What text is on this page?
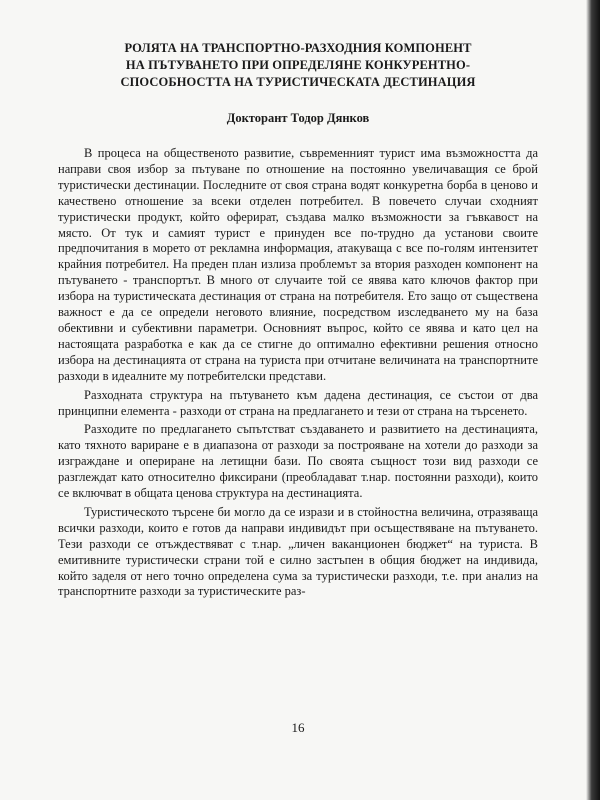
РОЛЯТА НА ТРАНСПОРТНО-РАЗХОДНИЯ КОМПОНЕНТ
НА ПЪТУВАНЕТО ПРИ ОПРЕДЕЛЯНЕ КОНКУРЕНТНО-
СПОСОБНОСТТА НА ТУРИСТИЧЕСКАТА ДЕСТИНАЦИЯ
Докторант Тодор Дянков

В процеса на общественото развитие, съвременният турист има възможността да направи своя избор за пътуване по отношение на постоянно увеличаващия се брой туристически дестинации. Последните от своя страна водят конкуретна борба в ценово и качествено отношение за всеки отделен потребител. В повечето случаи сходният туристически продукт, който оферират, създава малко възможности за гъвкавост на място. От тук и самият турист е принуден все по-трудно да установи своите предпочитания в морето от рекламна информация, атакуваща с все по-голям интензитет крайния потребител. На преден план излиза проблемът за втория разходен компонент на пътуването - транспортът. В много от случаите той се явява като ключов фактор при избора на туристическата дестинация от страна на потребителя. Ето защо от съществена важност е да се определи неговото влияние, посредством изследването му на база обективни и субективни параметри. Основният въпрос, който се явява и като цел на настоящата разработка е как да се стигне до оптимално ефективни решения относно избора на дестинацията от страна на туриста при отчитане величината на транспортните разходи в идеалните му потребителски представи.

Разходната структура на пътуването към дадена дестинация, се състои от два принципни елемента - разходи от страна на предлагането и тези от страна на търсенето.

Разходите по предлагането съпътстват създаването и развитието на дестинацията, като тяхното вариране е в диапазона от разходи за построяване на хотели до разходи за изграждане и опериране на летищни бази. По своята същност този вид разходи се разглеждат като относително фиксирани (преобладават т.нар. постоянни разходи), които се включват в общата ценова структура на дестинацията.

Туристическото търсене би могло да се изрази и в стойностна величина, отразяваща всички разходи, които е готов да направи индивидът при осъществяване на пътуването. Тези разходи се отъждествяват с т.нар. „личен ваканционен бюджет“ на туриста. В емитивните туристически страни той е силно застъпен в общия бюджет на индивида, който заделя от него точно определена сума за туристически разходи, т.е. при анализ на транспортните разходи за туристическите раз-

16
